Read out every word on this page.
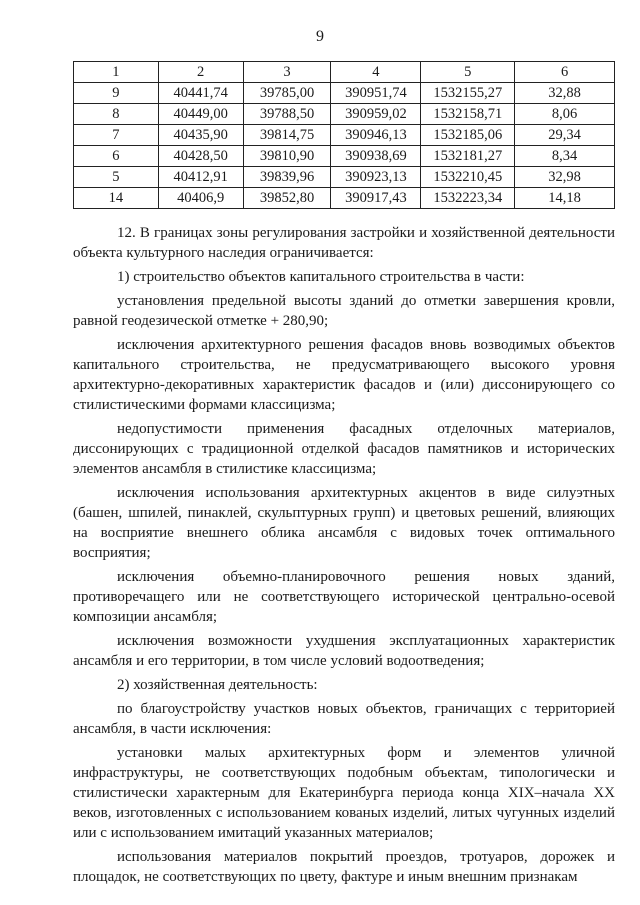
9
1	2	3	4	5	6
9	40441,74	39785,00	390951,74	1532155,27	32,88
8	40449,00	39788,50	390959,02	1532158,71	8,06
7	40435,90	39814,75	390946,13	1532185,06	29,34
6	40428,50	39810,90	390938,69	1532181,27	8,34
5	40412,91	39839,96	390923,13	1532210,45	32,98
14	40406,9	39852,80	390917,43	1532223,34	14,18

12. В границах зоны регулирования застройки и хозяйственной деятельности объекта культурного наследия ограничивается:

1) строительство объектов капитального строительства в части:

установления предельной высоты зданий до отметки завершения кровли, равной геодезической отметке + 280,90;

исключения архитектурного решения фасадов вновь возводимых объектов капитального строительства, не предусматривающего высокого уровня архитектурно-декоративных характеристик фасадов и (или) диссонирующего со стилистическими формами классицизма;

недопустимости применения фасадных отделочных материалов, диссонирующих с традиционной отделкой фасадов памятников и исторических элементов ансамбля в стилистике классицизма;

исключения использования архитектурных акцентов в виде силуэтных (башен, шпилей, пинаклей, скульптурных групп) и цветовых решений, влияющих на восприятие внешнего облика ансамбля с видовых точек оптимального восприятия;

исключения объемно-планировочного решения новых зданий, противоречащего или не соответствующего исторической центрально-осевой композиции ансамбля;

исключения возможности ухудшения эксплуатационных характеристик ансамбля и его территории, в том числе условий водоотведения;

2) хозяйственная деятельность:

по благоустройству участков новых объектов, граничащих с территорией ансамбля, в части исключения:

установки малых архитектурных форм и элементов уличной инфраструктуры, не соответствующих подобным объектам, типологически и стилистически характерным для Екатеринбурга периода конца XIX–начала XX веков, изготовленных с использованием кованых изделий, литых чугунных изделий или с использованием имитаций указанных материалов;

использования материалов покрытий проездов, тротуаров, дорожек и площадок, не соответствующих по цвету, фактуре и иным внешним признакам
